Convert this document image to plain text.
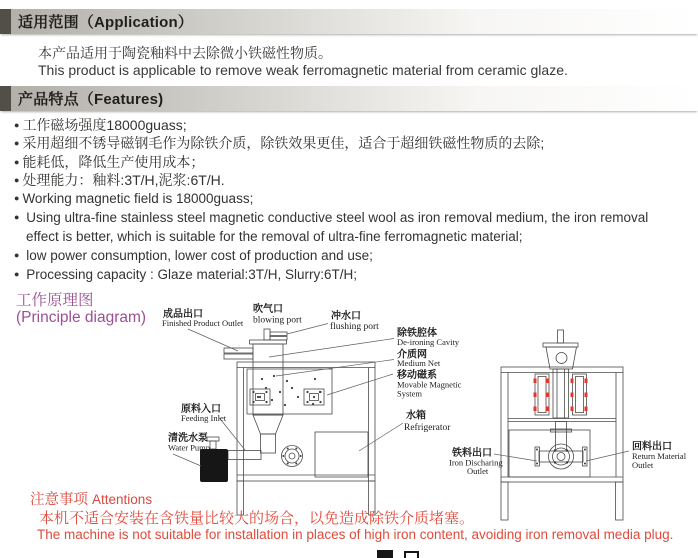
适用范围（Application）
本产品适用于陶瓷釉料中去除微小铁磁性物质。
This product is applicable to remove weak ferromagnetic material from ceramic glaze.
产品特点（Features)
● 工作磁场强度18000guass;
● 采用超细不锈导磁钢毛作为除铁介质，除铁效果更佳，适合于超细铁磁性物质的去除;
● 能耗低，降低生产使用成本；
● 处理能力：釉料:3T/H,泥浆:6T/H.
● Working magnetic field is 18000guass;
● Using ultra-fine stainless steel magnetic conductive steel wool as iron removal medium, the iron removal effect is better, which is suitable for the removal of ultra-fine ferromagnetic material;
● low power consumption, lower cost of production and use;
● Processing capacity : Glaze material:3T/H, Slurry:6T/H;
工作原理图
(Principle diagram) 成品出口
Finished Product Outlet
吹气口
blowing port	冲水口
flushing port
除铁腔体
De-ironing Cavity
介质网
Medium Net
移动磁系
Movable Magnetic
System
原料入口
Feeding Inlet
清洗水泵
Water Pump
水箱
Refrigerator
铁料出口
Iron Discharing
Outlet
回料出口
Return Material
Outlet
注意事项 Attentions
本机不适合安装在含铁量比较大的场合，以免造成除铁介质堵塞。
The machine is not suitable for installation in places of high iron content, avoiding iron removal media plug.
